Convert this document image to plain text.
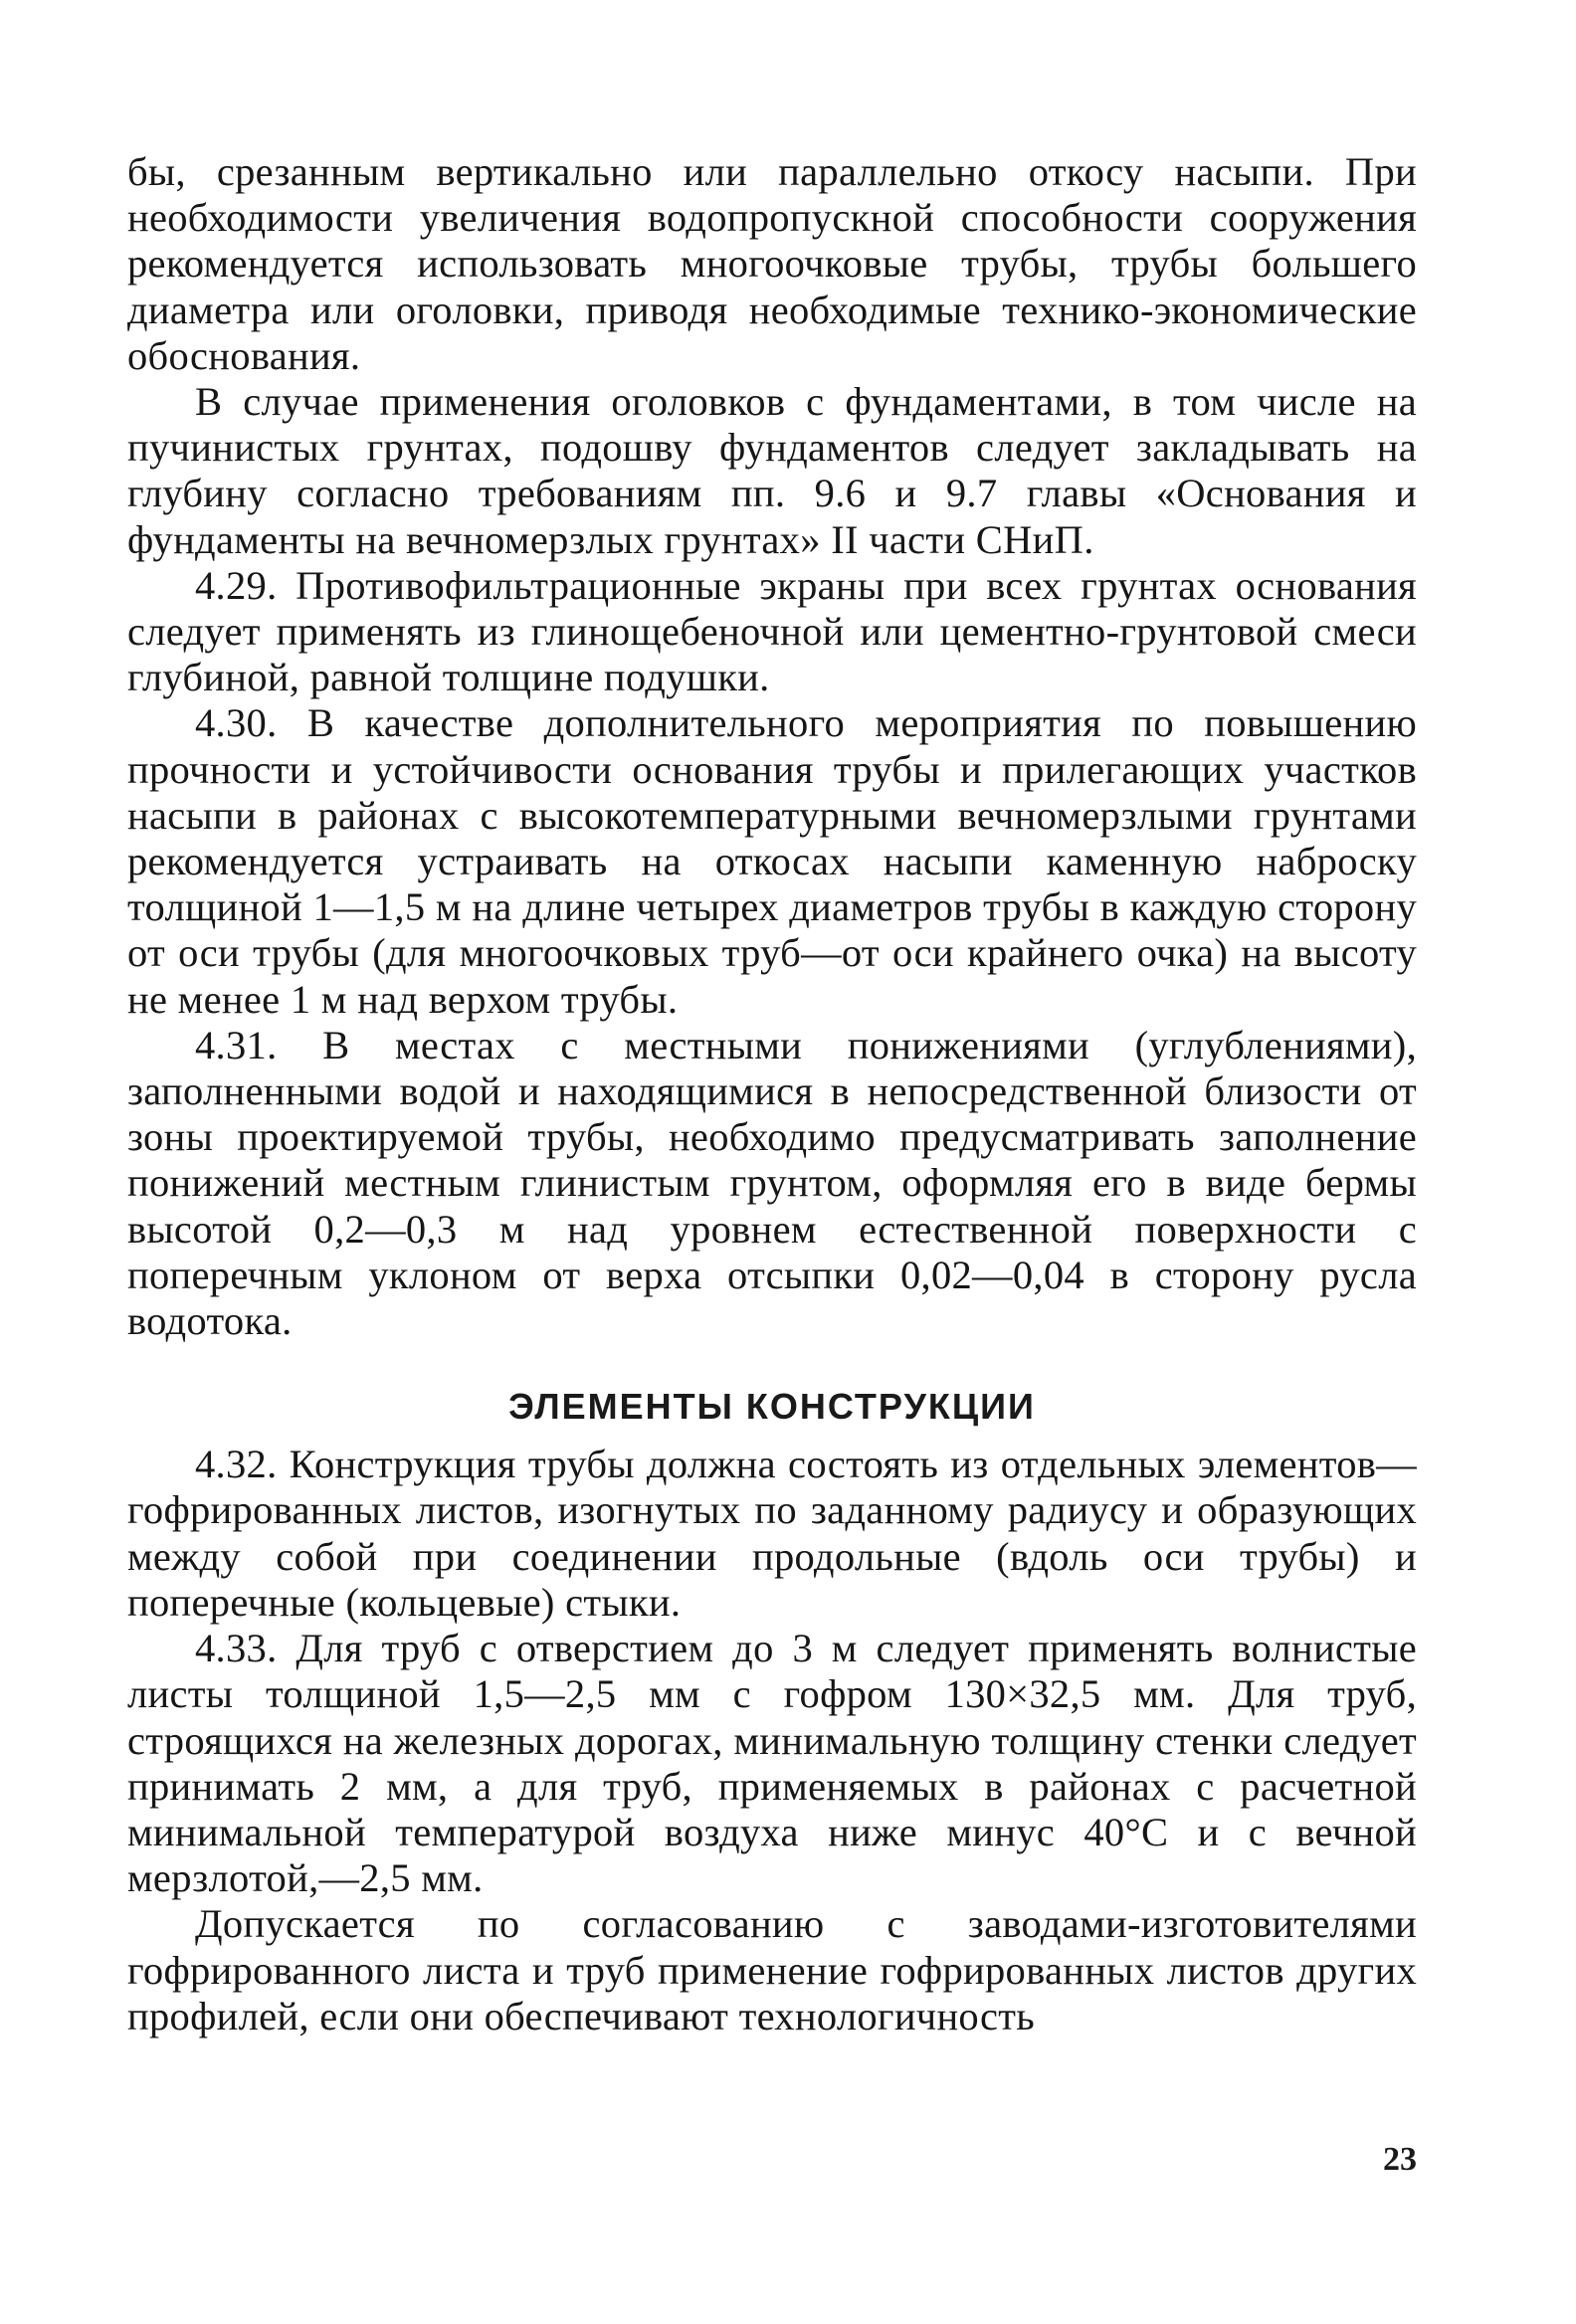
бы, срезанным вертикально или параллельно откосу насыпи. При необходимости увеличения водопропускной способности сооружения рекомендуется использовать многоочковые трубы, трубы большего диаметра или оголовки, приводя необходимые технико-экономические обоснования.

В случае применения оголовков с фундаментами, в том числе на пучинистых грунтах, подошву фундаментов следует закладывать на глубину согласно требованиям пп. 9.6 и 9.7 главы «Основания и фундаменты на вечномерзлых грунтах» II части СНиП.

4.29. Противофильтрационные экраны при всех грунтах основания следует применять из глинощебеночной или цементно-грунтовой смеси глубиной, равной толщине подушки.

4.30. В качестве дополнительного мероприятия по повышению прочности и устойчивости основания трубы и прилегающих участков насыпи в районах с высокотемпературными вечномерзлыми грунтами рекомендуется устраивать на откосах насыпи каменную наброску толщиной 1—1,5 м на длине четырех диаметров трубы в каждую сторону от оси трубы (для многоочковых труб—от оси крайнего очка) на высоту не менее 1 м над верхом трубы.

4.31. В местах с местными понижениями (углублениями), заполненными водой и находящимися в непосредственной близости от зоны проектируемой трубы, необходимо предусматривать заполнение понижений местным глинистым грунтом, оформляя его в виде бермы высотой 0,2—0,3 м над уровнем естественной поверхности с поперечным уклоном от верха отсыпки 0,02—0,04 в сторону русла водотока.

ЭЛЕМЕНТЫ КОНСТРУКЦИИ

4.32. Конструкция трубы должна состоять из отдельных элементов—гофрированных листов, изогнутых по заданному радиусу и образующих между собой при соединении продольные (вдоль оси трубы) и поперечные (кольцевые) стыки.

4.33. Для труб с отверстием до 3 м следует применять волнистые листы толщиной 1,5—2,5 мм с гофром 130×32,5 мм. Для труб, строящихся на железных дорогах, минимальную толщину стенки следует принимать 2 мм, а для труб, применяемых в районах с расчетной минимальной температурой воздуха ниже минус 40°С и с вечной мерзлотой,—2,5 мм.

Допускается по согласованию с заводами-изготовителями гофрированного листа и труб применение гофрированных листов других профилей, если они обеспечивают технологичность

23
